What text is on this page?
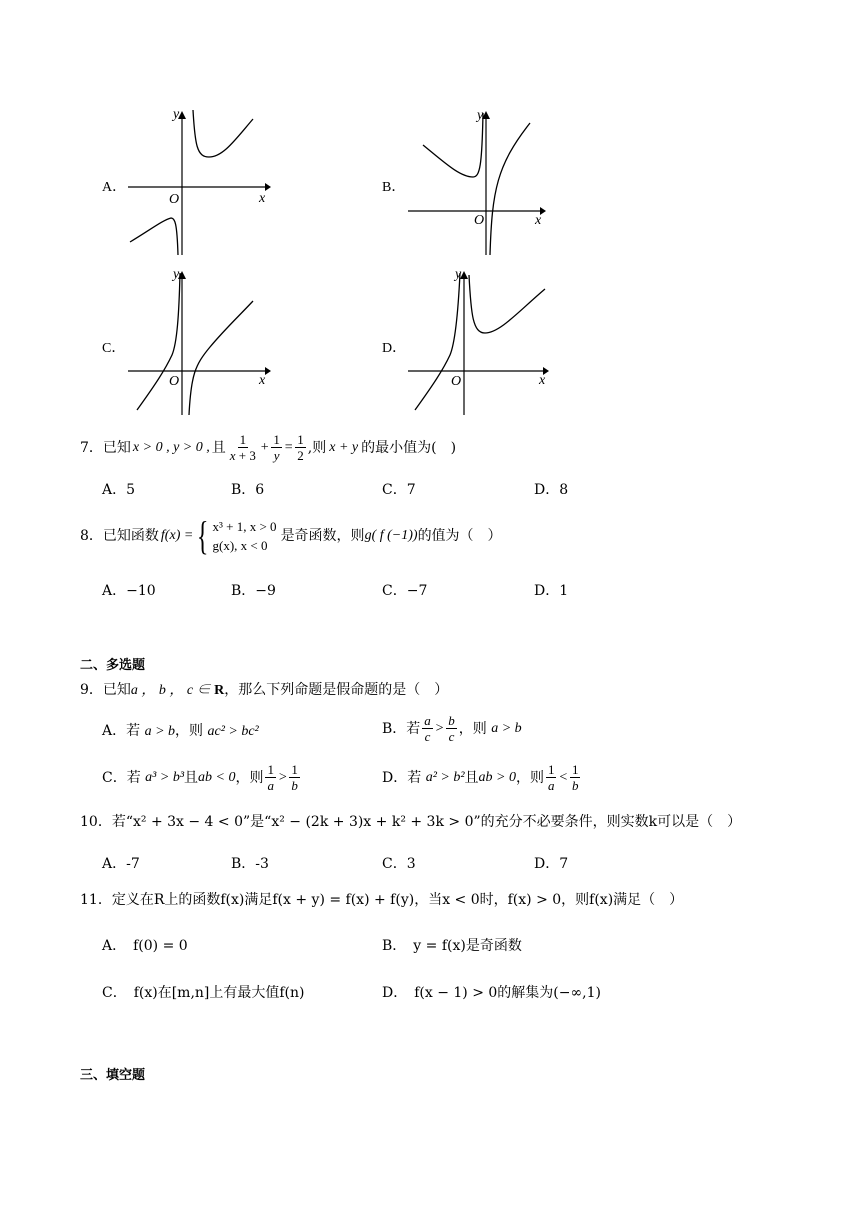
A．	B．
C．	D．
y
x
O
y
x
O
y
x
O
y
x
O
7． 已知 x > 0 , y > 0 , 且 $\frac{1}{x + 3} + \frac{1}{y} = \frac{1}{2}$ ,则 x + y 的最小值为(　)
A．5	B．6	C．7	D．8
8． 已知函数 f(x) = { x³ + 1, x > 0
g(x), x < 0
是奇函数，则 g( f (−1)) 的值为（　）
A．−10	B．−9	C．−7	D．1
二、多选题
9．已知a ， b ， c ∈ R，那么下列命题是假命题的是（　）
A．若 a > b，则 ac² > bc²	B． 若 $\frac{a}{c} > \frac{b}{c}$ ，则
a > b
C． 若
a³ > b³ 且 ab < 0 ，则 $\frac{1}{a} > \frac{1}{b}$	D． 若
a² > b² 且 ab > 0 ，则 $\frac{1}{a} < \frac{1}{b}$
10．若“x² + 3x − 4 < 0”是“x² − (2k + 3)x + k² + 3k > 0”的充分不必要条件，则实数k可以是（　）
A．-7	B．-3	C．3	D．7
11．定义在R上的函数f(x)满足f(x + y) = f(x) + f(y)，当x < 0时，f(x) > 0，则f(x)满足（　）
A．　f(0) = 0	B．　y = f(x)是奇函数
C．　f(x)在[m,n]上有最大值f(n)	D．　f(x − 1) > 0的解集为(−∞,1)
三、填空题
